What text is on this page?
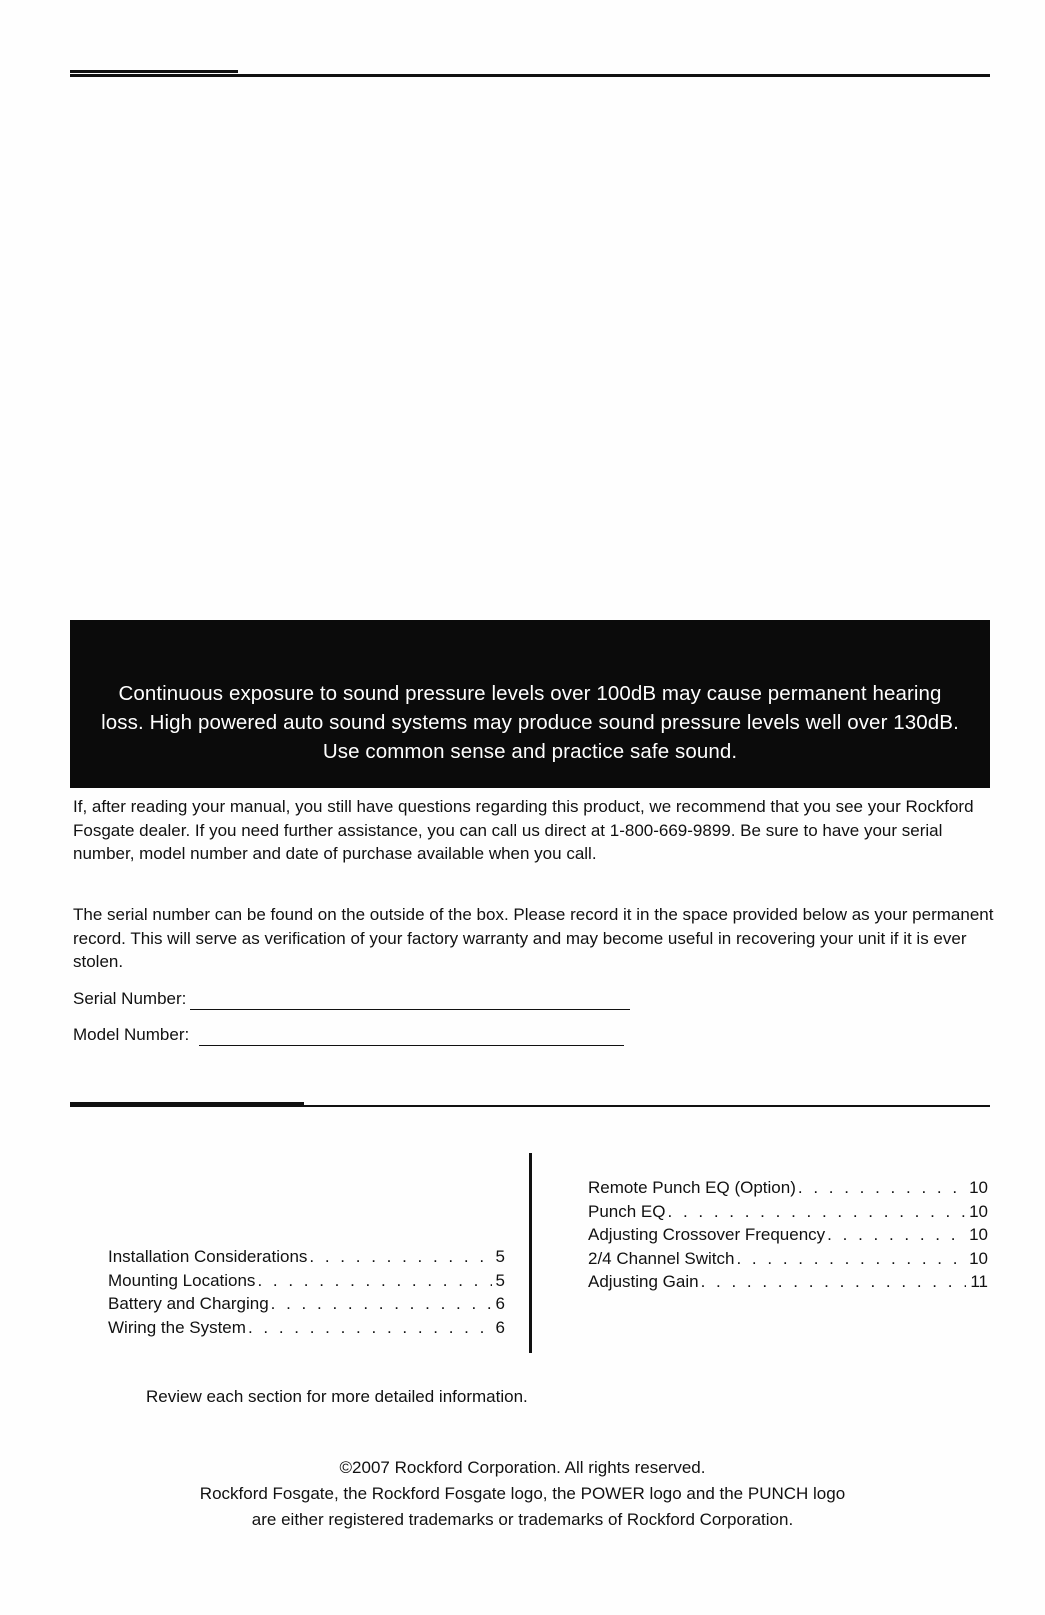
Continuous exposure to sound pressure levels over 100dB may cause permanent hearing loss. High powered auto sound systems may produce sound pressure levels well over 130dB. Use common sense and practice safe sound.
If, after reading your manual, you still have questions regarding this product, we recommend that you see your Rockford Fosgate dealer. If you need further assistance, you can call us direct at 1-800-669-9899. Be sure to have your serial number, model number and date of purchase available when you call.
The serial number can be found on the outside of the box. Please record it in the space provided below as your permanent record. This will serve as verification of your factory warranty and may become useful in recovering your unit if it is ever stolen.
Serial Number:
Model Number:
Installation Considerations . . .	5
Mounting Locations . . .	5
Battery and Charging . . .	6
Wiring the System . . .	6
Remote Punch EQ (Option) . . .	10
Punch EQ . . .	10
Adjusting Crossover Frequency . . .	10
2/4 Channel Switch . . .	10
Adjusting Gain . . .	11
Review each section for more detailed information.
©2007 Rockford Corporation. All rights reserved.
Rockford Fosgate, the Rockford Fosgate logo, the POWER logo and the PUNCH logo
are either registered trademarks or trademarks of Rockford Corporation.
